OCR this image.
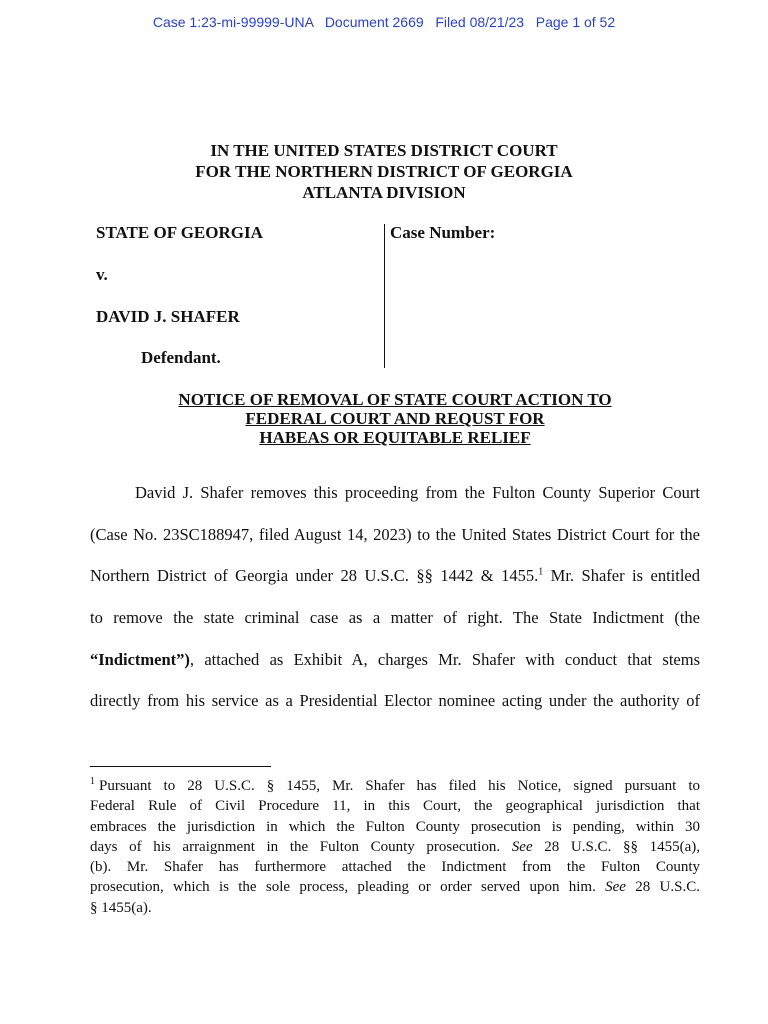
Case 1:23-mi-99999-UNA   Document 2669   Filed 08/21/23   Page 1 of 52
IN THE UNITED STATES DISTRICT COURT
FOR THE NORTHERN DISTRICT OF GEORGIA
ATLANTA DIVISION
STATE OF GEORGIA
v.
DAVID J. SHAFER
Defendant.
Case Number:
NOTICE OF REMOVAL OF STATE COURT ACTION TO
FEDERAL COURT AND REQUST FOR
HABEAS OR EQUITABLE RELIEF
David J. Shafer removes this proceeding from the Fulton County Superior Court
(Case No. 23SC188947, filed August 14, 2023) to the United States District Court for the
Northern District of Georgia under 28 U.S.C. §§ 1442 & 1455.$^1$ Mr. Shafer is entitled
to remove the state criminal case as a matter of right. The State Indictment (the
“Indictment”), attached as Exhibit A, charges Mr. Shafer with conduct that stems
directly from his service as a Presidential Elector nominee acting under the authority of
$^1$ Pursuant to 28 U.S.C. § 1455, Mr. Shafer has filed his Notice, signed pursuant to
Federal Rule of Civil Procedure 11, in this Court, the geographical jurisdiction that
embraces the jurisdiction in which the Fulton County prosecution is pending, within 30
days of his arraignment in the Fulton County prosecution. See 28 U.S.C. §§ 1455(a),
(b). Mr. Shafer has furthermore attached the Indictment from the Fulton County
prosecution, which is the sole process, pleading or order served upon him. See 28 U.S.C.
§ 1455(a).
